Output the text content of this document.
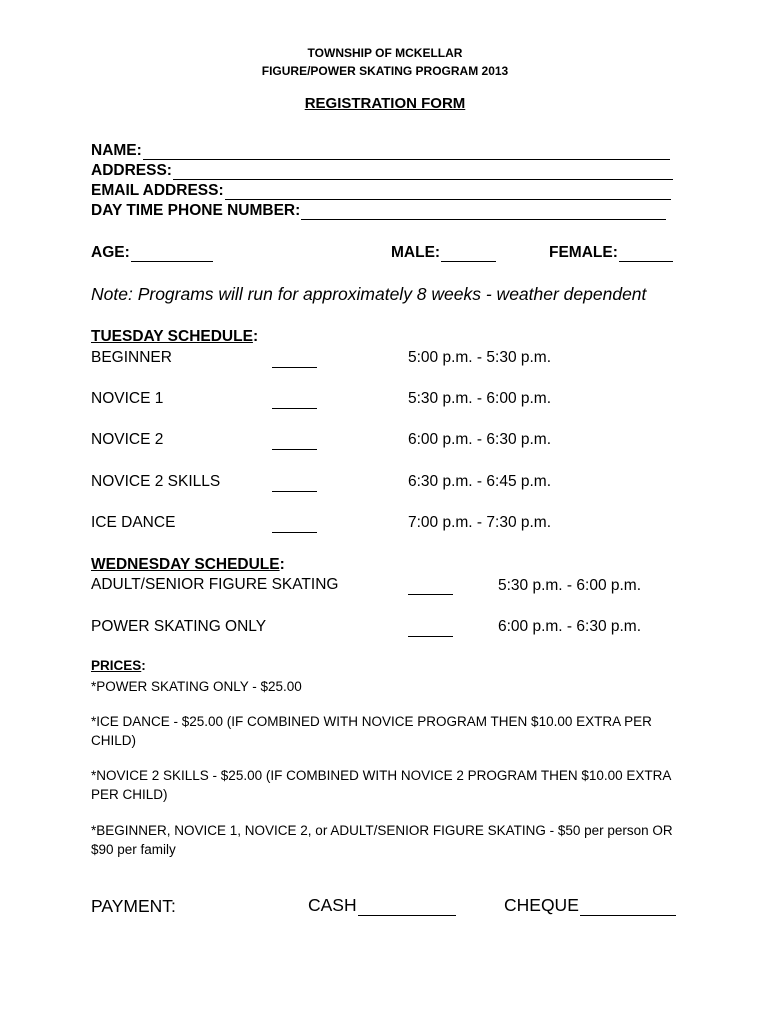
TOWNSHIP OF MCKELLAR
FIGURE/POWER SKATING PROGRAM 2013
REGISTRATION FORM
NAME:
ADDRESS:
EMAIL ADDRESS:
DAY TIME PHONE NUMBER:
AGE:	MALE:	FEMALE:
Note: Programs will run for approximately 8 weeks - weather dependent
TUESDAY SCHEDULE:
BEGINNER	5:00 p.m. - 5:30 p.m.
NOVICE 1	5:30 p.m. - 6:00 p.m.
NOVICE 2	6:00 p.m. - 6:30 p.m.
NOVICE 2 SKILLS	6:30 p.m. - 6:45 p.m.
ICE DANCE	7:00 p.m. - 7:30 p.m.
WEDNESDAY SCHEDULE:
ADULT/SENIOR FIGURE SKATING	5:30 p.m. - 6:00 p.m.
POWER SKATING ONLY	6:00 p.m. - 6:30 p.m.
PRICES:
*POWER SKATING ONLY - $25.00
*ICE DANCE - $25.00 (IF COMBINED WITH NOVICE PROGRAM THEN $10.00 EXTRA PER CHILD)
*NOVICE 2 SKILLS - $25.00 (IF COMBINED WITH NOVICE 2 PROGRAM THEN $10.00 EXTRA PER CHILD)
*BEGINNER, NOVICE 1, NOVICE 2, or ADULT/SENIOR FIGURE SKATING - $50 per person OR $90 per family
PAYMENT:	CASH	CHEQUE
